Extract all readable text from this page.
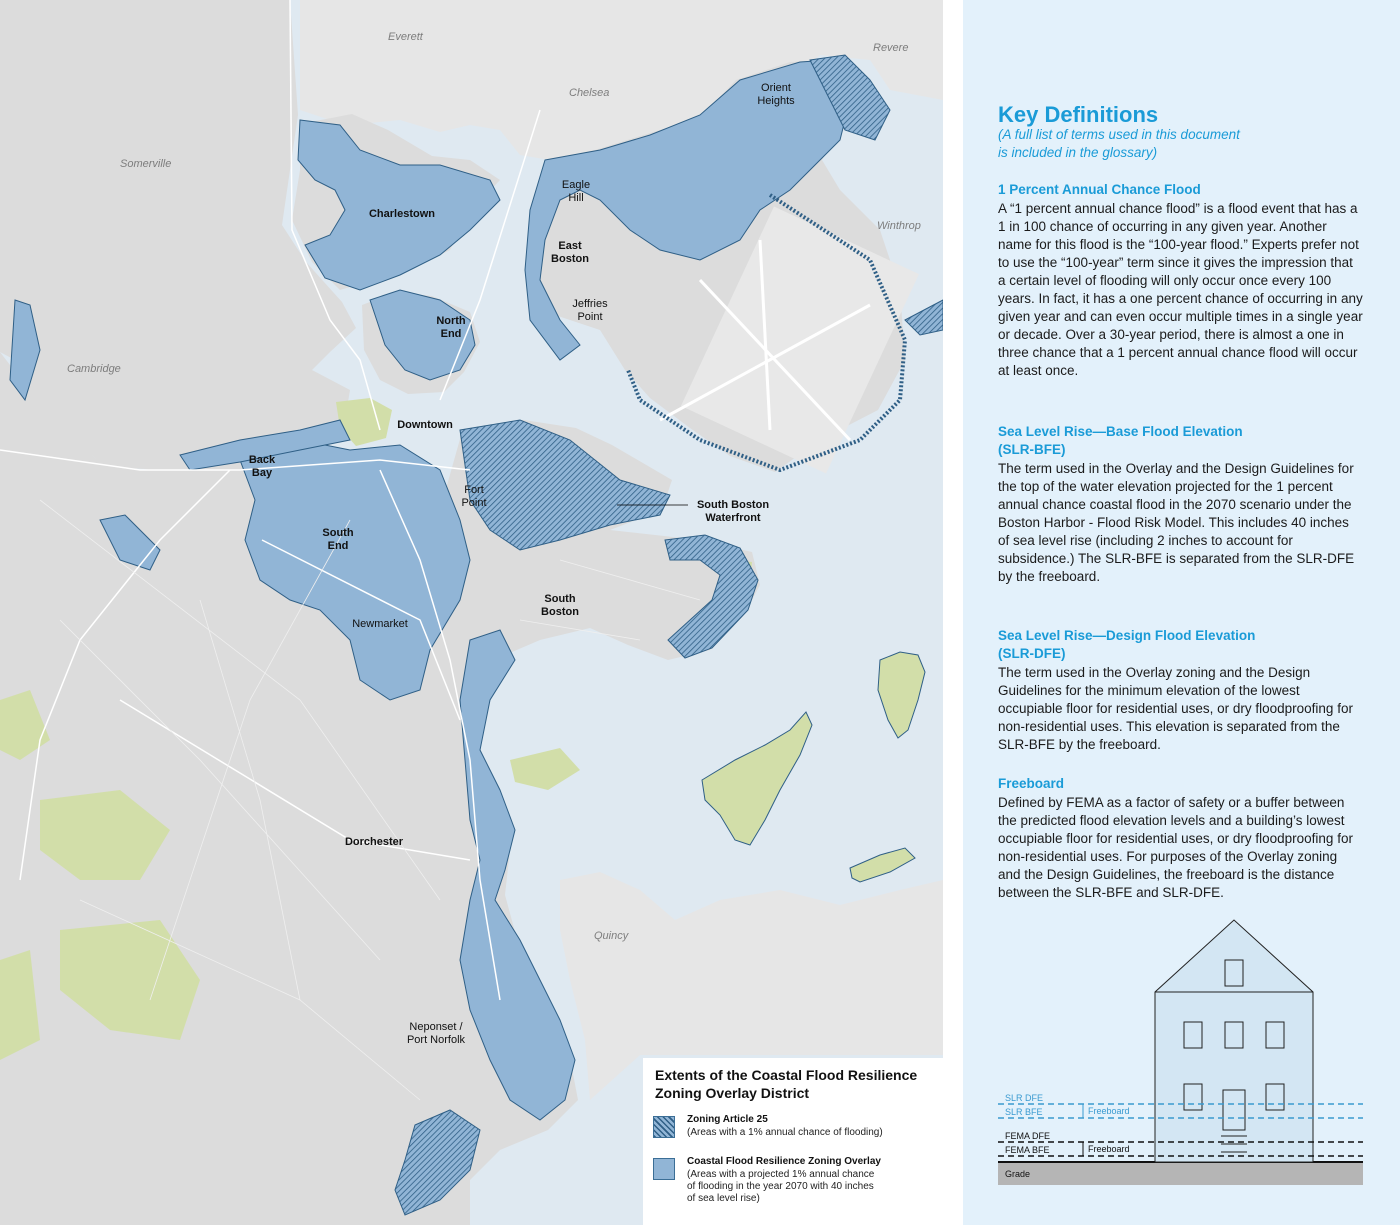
Everett
Revere
Chelsea
Somerville
Winthrop
Cambridge
Quincy
Orient
Heights
Eagle
Hill
Charlestown
East
Boston
Jeffries
Point
North
End
Downtown
Back
Bay
Fort
Point	South Boston
Waterfront
South
End
South
Boston
Newmarket
Dorchester
Neponset /
Port Norfolk
Extents of the Coastal Flood Resilience
Zoning Overlay District
Zoning Article 25
(Areas with a 1% annual chance of flooding)
Coastal Flood Resilience Zoning Overlay
(Areas with a projected 1% annual chance
of flooding in the year 2070 with 40 inches
of sea level rise)
Key Definitions
(A full list of terms used in this document
is included in the glossary)
1 Percent Annual Chance Flood
A “1 percent annual chance flood” is a flood event that has a 1 in 100 chance of occurring in any given year. Another name for this flood is the “100-year flood.” Experts prefer not to use the “100-year” term since it gives the impression that a certain level of flooding will only occur once every 100 years. In fact, it has a one percent chance of occurring in any given year and can even occur multiple times in a single year or decade. Over a 30-year period, there is almost a one in three chance that a 1 percent annual chance flood will occur at least once.
Sea Level Rise—Base Flood Elevation
(SLR-BFE)
The term used in the Overlay and the Design Guidelines for the top of the water elevation projected for the 1 percent annual chance coastal flood in the 2070 scenario under the Boston Harbor - Flood Risk Model. This includes 40 inches of sea level rise (including 2 inches to account for subsidence.) The SLR-BFE is separated from the SLR-DFE by the freeboard.
Sea Level Rise—Design Flood Elevation
(SLR-DFE)
The term used in the Overlay zoning and the Design Guidelines for the minimum elevation of the lowest occupiable floor for residential uses, or dry floodproofing for non-residential uses. This elevation is separated from the SLR-BFE by the freeboard.
Freeboard
Defined by FEMA as a factor of safety or a buffer between the predicted flood elevation levels and a building’s lowest occupiable floor for residential uses, or dry floodproofing for non-residential uses. For purposes of the Overlay zoning and the Design Guidelines, the freeboard is the distance between the SLR-BFE and SLR-DFE.
SLR DFE
SLR BFE	Freeboard
FEMA DFE
FEMA BFE	Freeboard
Grade
